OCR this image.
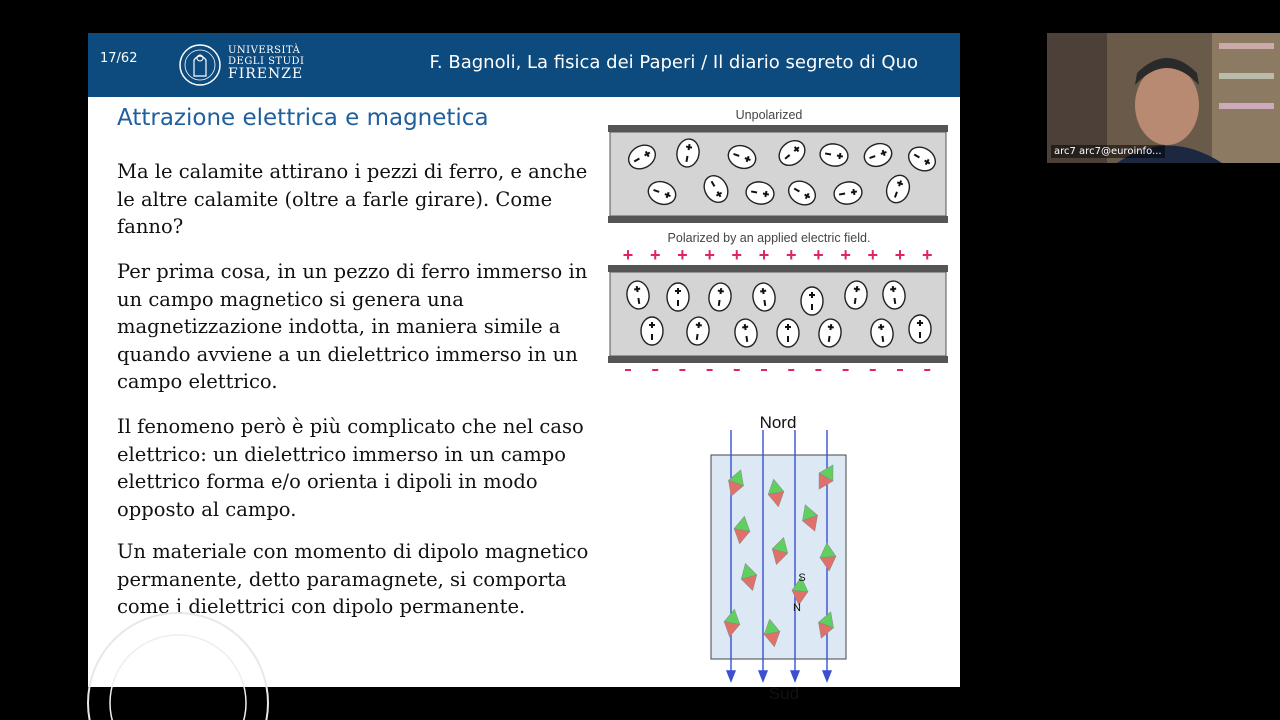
17/62
UNIVERSITÀ
DEGLI STUDI
FIRENZE
F. Bagnoli, La fisica dei Paperi / Il diario segreto di Quo
Attrazione elettrica e magnetica
Ma le calamite attirano i pezzi di ferro, e anche le altre calamite (oltre a farle girare). Come fanno?
Per prima cosa, in un pezzo di ferro immerso in un campo magnetico si genera una magnetizzazione indotta, in maniera simile a quando avviene a un dielettrico immerso in un campo elettrico.
Il fenomeno però è più complicato che nel caso elettrico: un dielettrico immerso in un campo elettrico forma e/o orienta i dipoli in modo opposto al campo.
Un materiale con momento di dipolo magnetico permanente, detto paramagnete, si comporta come i dielettrici con dipolo permanente.
Unpolarized
Polarized by an applied electric field.
+ + + + + + + + + + + +
Nord
S
N
Sud
arc7 arc7@euroinfo...
